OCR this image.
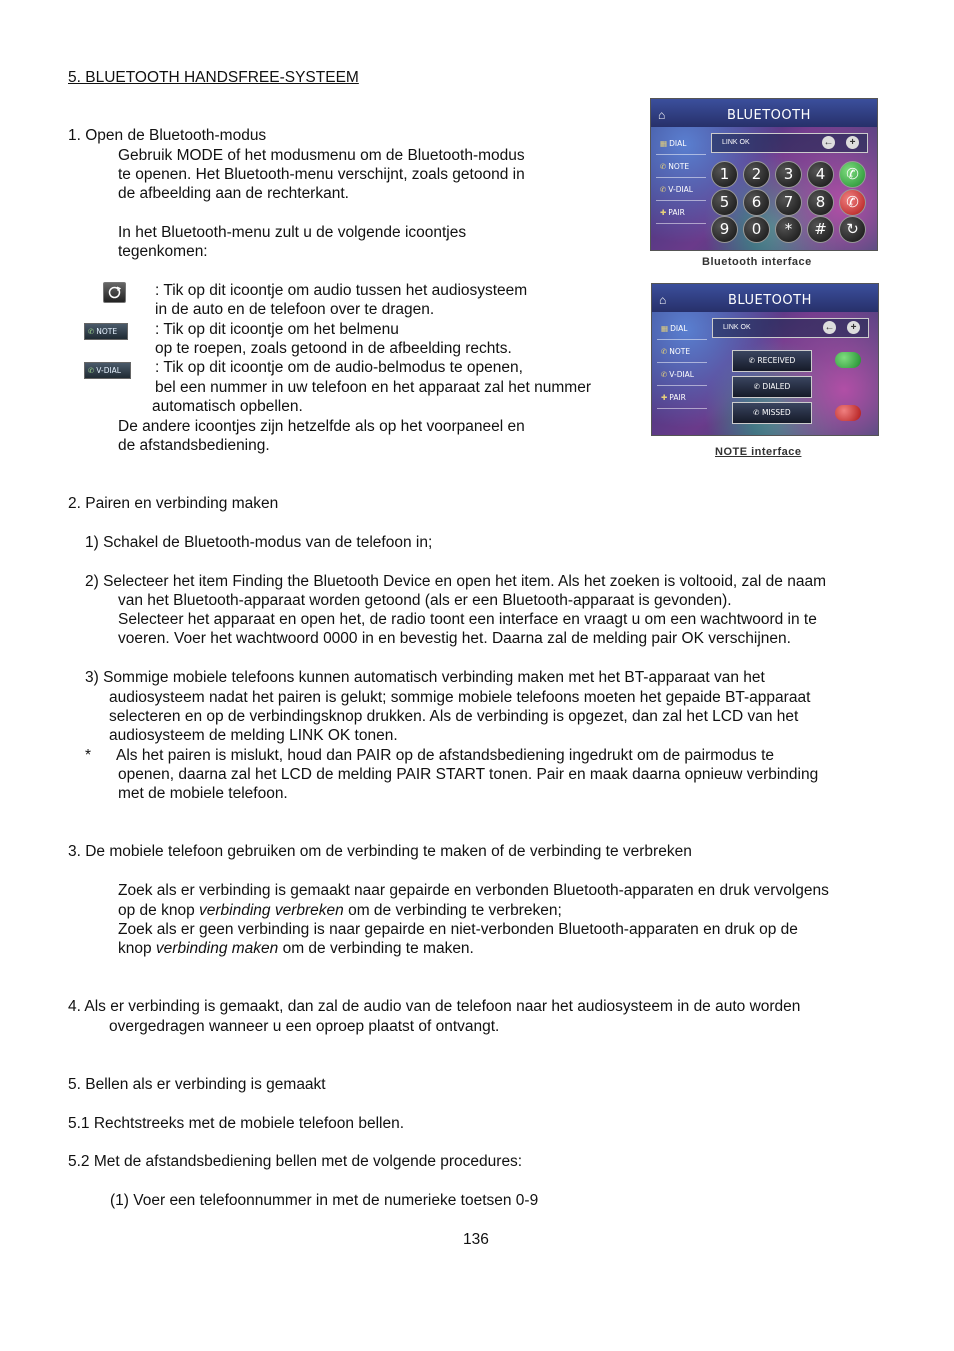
5. BLUETOOTH HANDSFREE-SYSTEEM
1. Open de Bluetooth-modus
Gebruik MODE of het modusmenu om de Bluetooth-modus
te openen. Het Bluetooth-menu verschijnt, zoals getoond in
de afbeelding aan de rechterkant.
In het Bluetooth-menu zult u de volgende icoontjes
tegenkomen:
✆ NOTE
✆ V-DIAL
: Tik op dit icoontje om audio tussen het audiosysteem
in de auto en de telefoon over te dragen.
: Tik op dit icoontje om het belmenu
op te roepen, zoals getoond in de afbeelding rechts.
: Tik op dit icoontje om de audio-belmodus te openen,
bel een nummer in uw telefoon en het apparaat zal het nummer
automatisch opbellen.
De andere icoontjes zijn hetzelfde als op het voorpaneel en
de afstandsbediening.
⌂	BLUETOOTH
▦ DIAL
✆ NOTE
✆ V-DIAL
✚ PAIR
LINK OK	←	+
1	2	3	4	✆
5	6	7	8	✆
9	0	*	#	↻
Bluetooth interface
⌂	BLUETOOTH
▦ DIAL
✆ NOTE
✆ V-DIAL
✚ PAIR
LINK OK	←	+
✆ RECEIVED
✆ DIALED
✆ MISSED
NOTE interface
2. Pairen en verbinding maken
1) Schakel de Bluetooth-modus van de telefoon in;
2) Selecteer het item Finding the Bluetooth Device en open het item. Als het zoeken is voltooid, zal de naam
van het Bluetooth-apparaat worden getoond (als er een Bluetooth-apparaat is gevonden).
Selecteer het apparaat en open het, de radio toont een interface en vraagt u om een wachtwoord in te
voeren. Voer het wachtwoord 0000 in en bevestig het. Daarna zal de melding pair OK verschijnen.
3) Sommige mobiele telefoons kunnen automatisch verbinding maken met het BT-apparaat van het
audiosysteem nadat het pairen is gelukt; sommige mobiele telefoons moeten het gepaide BT-apparaat
selecteren en op de verbindingsknop drukken. Als de verbinding is opgezet, dan zal het LCD van het
audiosysteem de melding LINK OK tonen.
* Als het pairen is mislukt, houd dan PAIR op de afstandsbediening ingedrukt om de pairmodus te
openen, daarna zal het LCD de melding PAIR START tonen. Pair en maak daarna opnieuw verbinding
met de mobiele telefoon.
3. De mobiele telefoon gebruiken om de verbinding te maken of de verbinding te verbreken
Zoek als er verbinding is gemaakt naar gepairde en verbonden Bluetooth-apparaten en druk vervolgens
op de knop verbinding verbreken om de verbinding te verbreken;
Zoek als er geen verbinding is naar gepairde en niet-verbonden Bluetooth-apparaten en druk op de
knop verbinding maken om de verbinding te maken.
4. Als er verbinding is gemaakt, dan zal de audio van de telefoon naar het audiosysteem in de auto worden
overgedragen wanneer u een oproep plaatst of ontvangt.
5. Bellen als er verbinding is gemaakt
5.1 Rechtstreeks met de mobiele telefoon bellen.
5.2 Met de afstandsbediening bellen met de volgende procedures:
(1) Voer een telefoonnummer in met de numerieke toetsen 0-9
136
